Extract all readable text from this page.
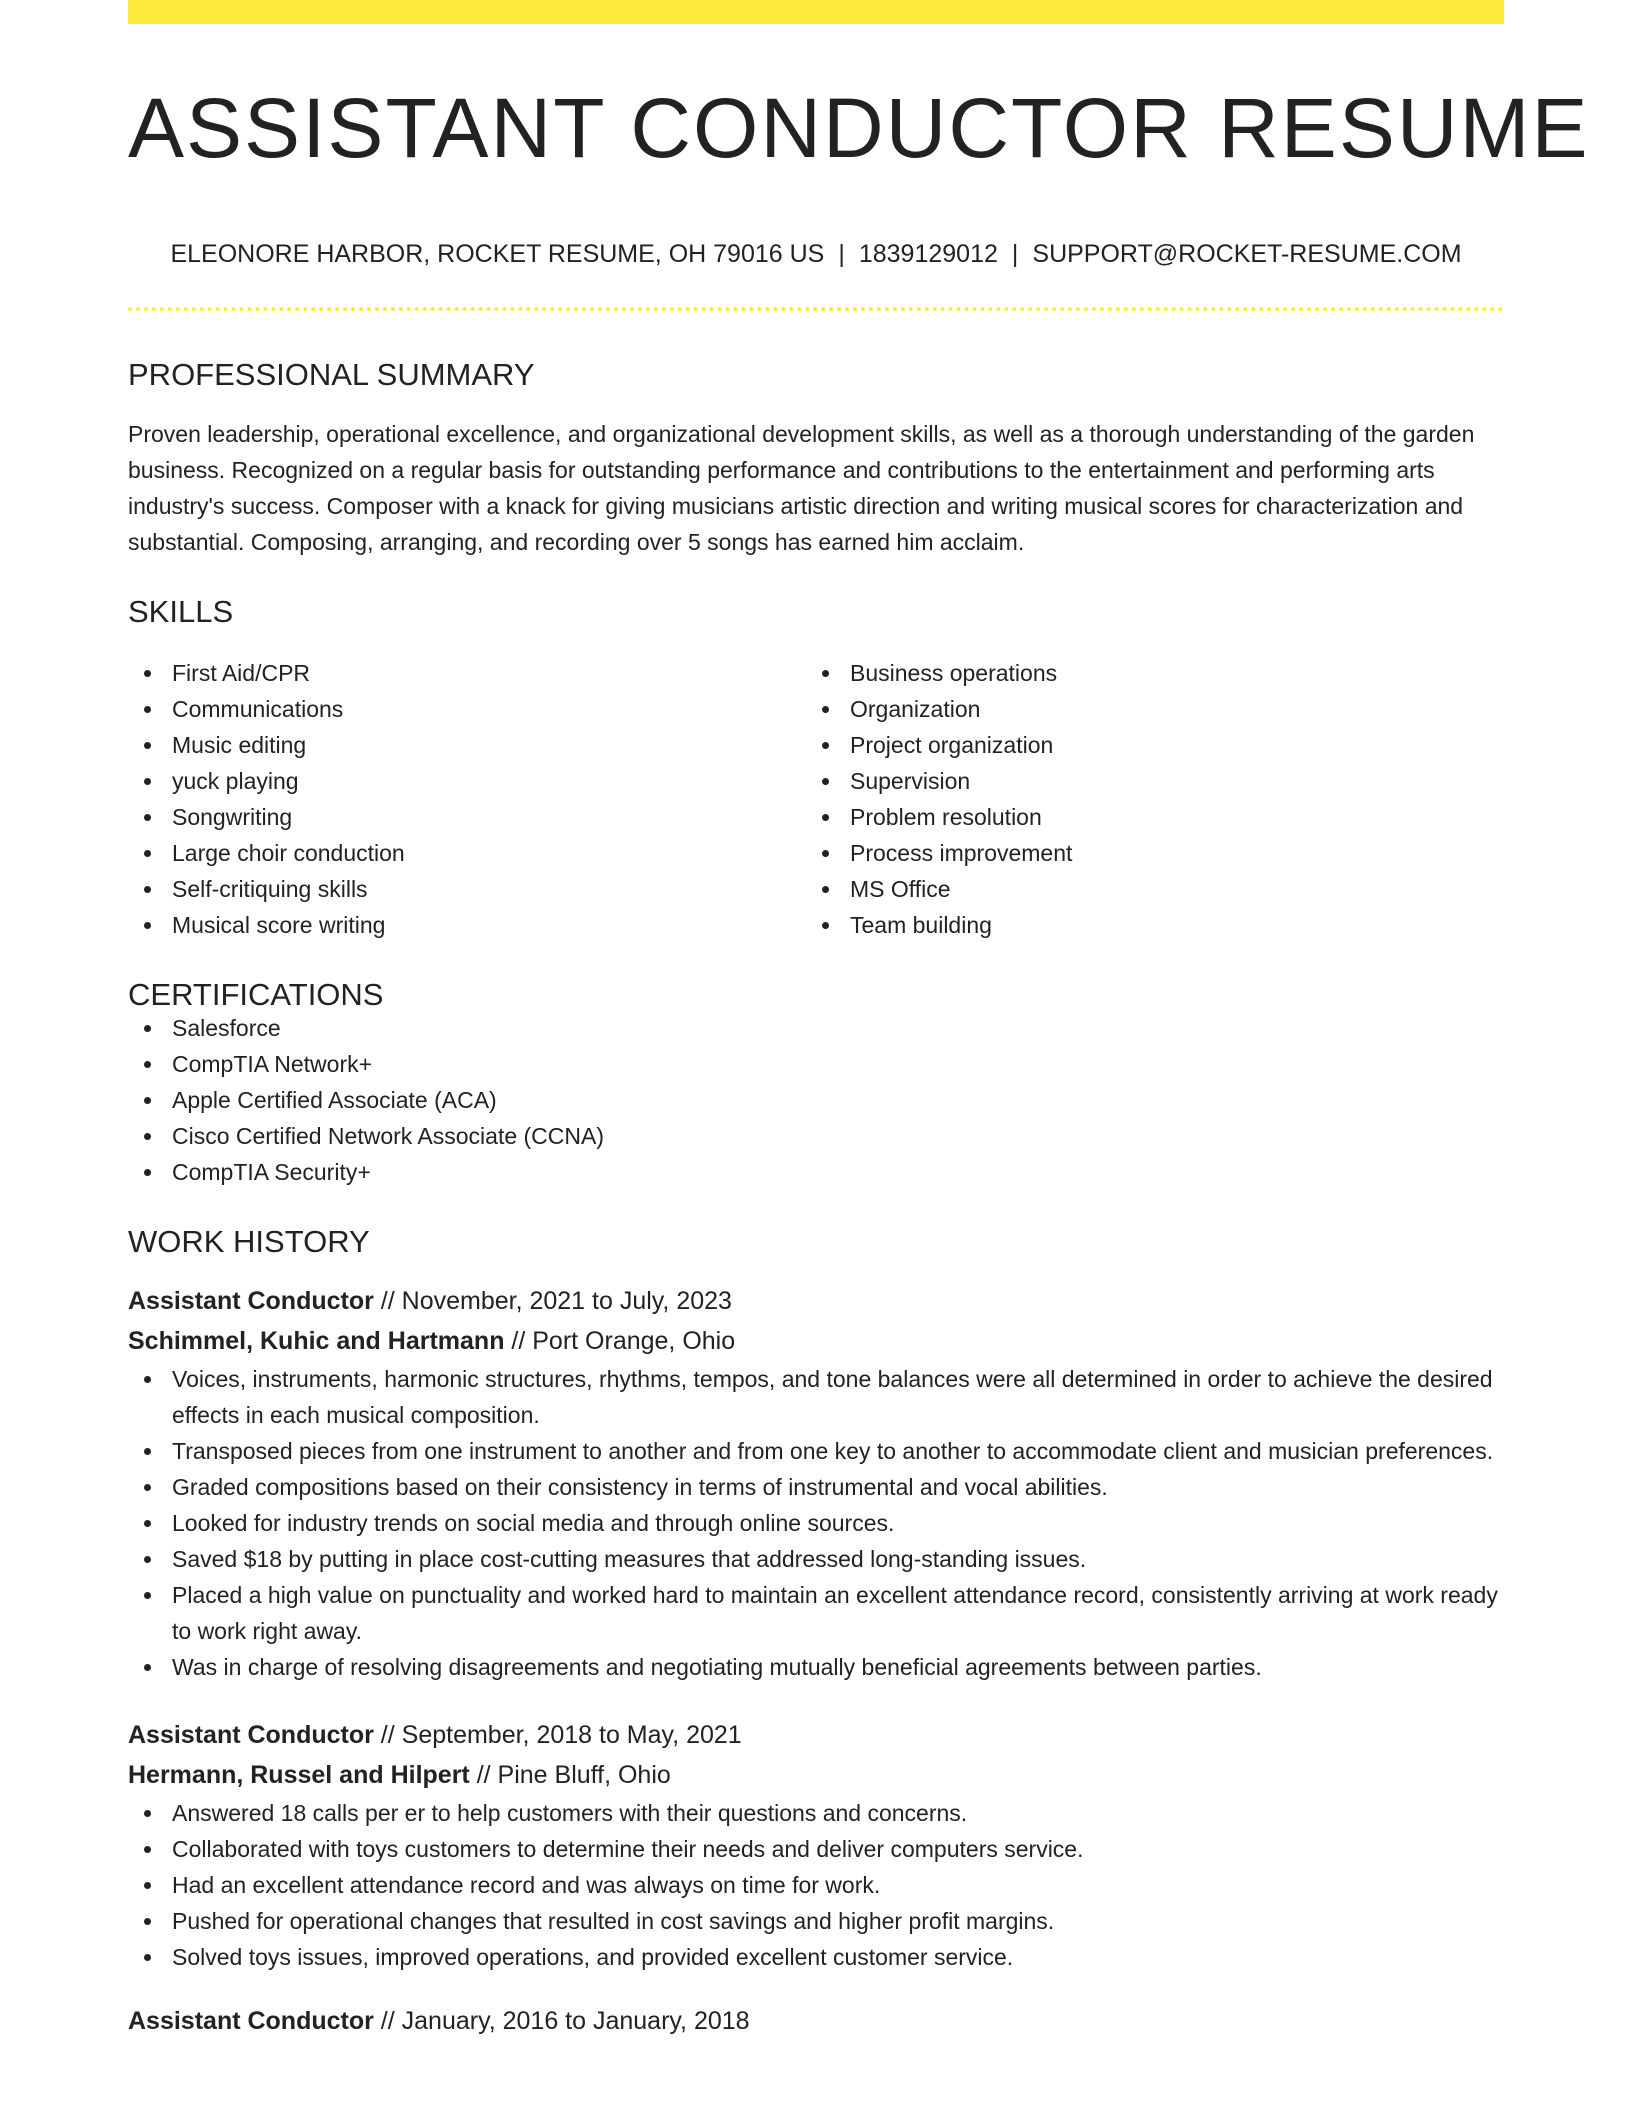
ASSISTANT CONDUCTOR RESUME
ELEONORE HARBOR, ROCKET RESUME, OH 79016 US | 1839129012 | SUPPORT@ROCKET-RESUME.COM
PROFESSIONAL SUMMARY
Proven leadership, operational excellence, and organizational development skills, as well as a thorough understanding of the garden business. Recognized on a regular basis for outstanding performance and contributions to the entertainment and performing arts industry's success. Composer with a knack for giving musicians artistic direction and writing musical scores for characterization and substantial. Composing, arranging, and recording over 5 songs has earned him acclaim.
SKILLS
First Aid/CPR
Communications
Music editing
yuck playing
Songwriting
Large choir conduction
Self-critiquing skills
Musical score writing
Business operations
Organization
Project organization
Supervision
Problem resolution
Process improvement
MS Office
Team building
CERTIFICATIONS
Salesforce
CompTIA Network+
Apple Certified Associate (ACA)
Cisco Certified Network Associate (CCNA)
CompTIA Security+
WORK HISTORY
Assistant Conductor // November, 2021 to July, 2023
Schimmel, Kuhic and Hartmann // Port Orange, Ohio
Voices, instruments, harmonic structures, rhythms, tempos, and tone balances were all determined in order to achieve the desired effects in each musical composition.
Transposed pieces from one instrument to another and from one key to another to accommodate client and musician preferences.
Graded compositions based on their consistency in terms of instrumental and vocal abilities.
Looked for industry trends on social media and through online sources.
Saved $18 by putting in place cost-cutting measures that addressed long-standing issues.
Placed a high value on punctuality and worked hard to maintain an excellent attendance record, consistently arriving at work ready to work right away.
Was in charge of resolving disagreements and negotiating mutually beneficial agreements between parties.
Assistant Conductor // September, 2018 to May, 2021
Hermann, Russel and Hilpert // Pine Bluff, Ohio
Answered 18 calls per er to help customers with their questions and concerns.
Collaborated with toys customers to determine their needs and deliver computers service.
Had an excellent attendance record and was always on time for work.
Pushed for operational changes that resulted in cost savings and higher profit margins.
Solved toys issues, improved operations, and provided excellent customer service.
Assistant Conductor // January, 2016 to January, 2018
